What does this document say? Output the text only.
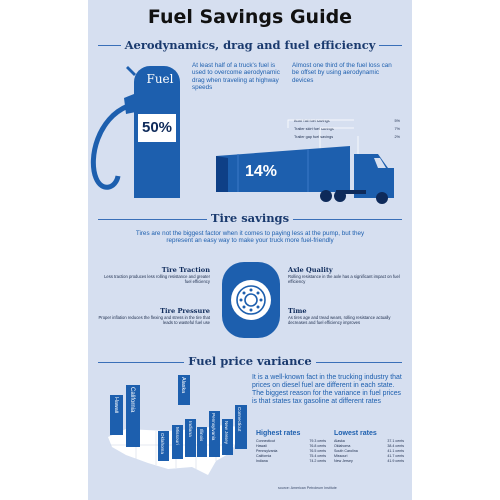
Fuel Savings Guide
Aerodynamics, drag and fuel efficiency
Fuel
50%
At least half of a truck's fuel is used to overcome aerodynamic drag when traveling at highway speeds
Almost one third of the fuel loss can be offset by using aerodynamic devices
Boat Tail fuel savings	5%
Trailer skirt fuel savings	7%
Trailer gap fuel savings	2%
14%
Tire savings
Tires are not the biggest factor when it comes to paying less at the pump, but they represent an easy way to make your truck more fuel-friendly
Tire Traction
Less traction produces less rolling resistance and greater fuel efficiency
Axle Quality
Rolling resistance in the axle has a significant impact on fuel efficiency
Tire Pressure
Proper inflation reduces the flexing and stress in the tire that leads to wasteful fuel use
Time
As tires age and tread wears, rolling resistance actually decreases and fuel efficiency improves
Fuel price variance
It is a well-known fact in the trucking industry that prices on diesel fuel are different in each state. The biggest reason for the variance in fuel prices is that states tax gasoline at different rates
Hawaii California
Alaska
Oklahoma Missouri Indiana Illinois Pennsylvania New Jersey
Connecticut
Highest rates
Connecticut	79.3 cents
Hawaii	76.8 cents
Pennsylvania	76.5 cents
California	75.4 cents
Indiana	74.2 cents
Lowest rates
Alaska	37.1 cents
Oklahoma	38.4 cents
South Carolina	41.1 cents
Missouri	41.7 cents
New Jersey	41.9 cents
source: American Petroleum Institute
